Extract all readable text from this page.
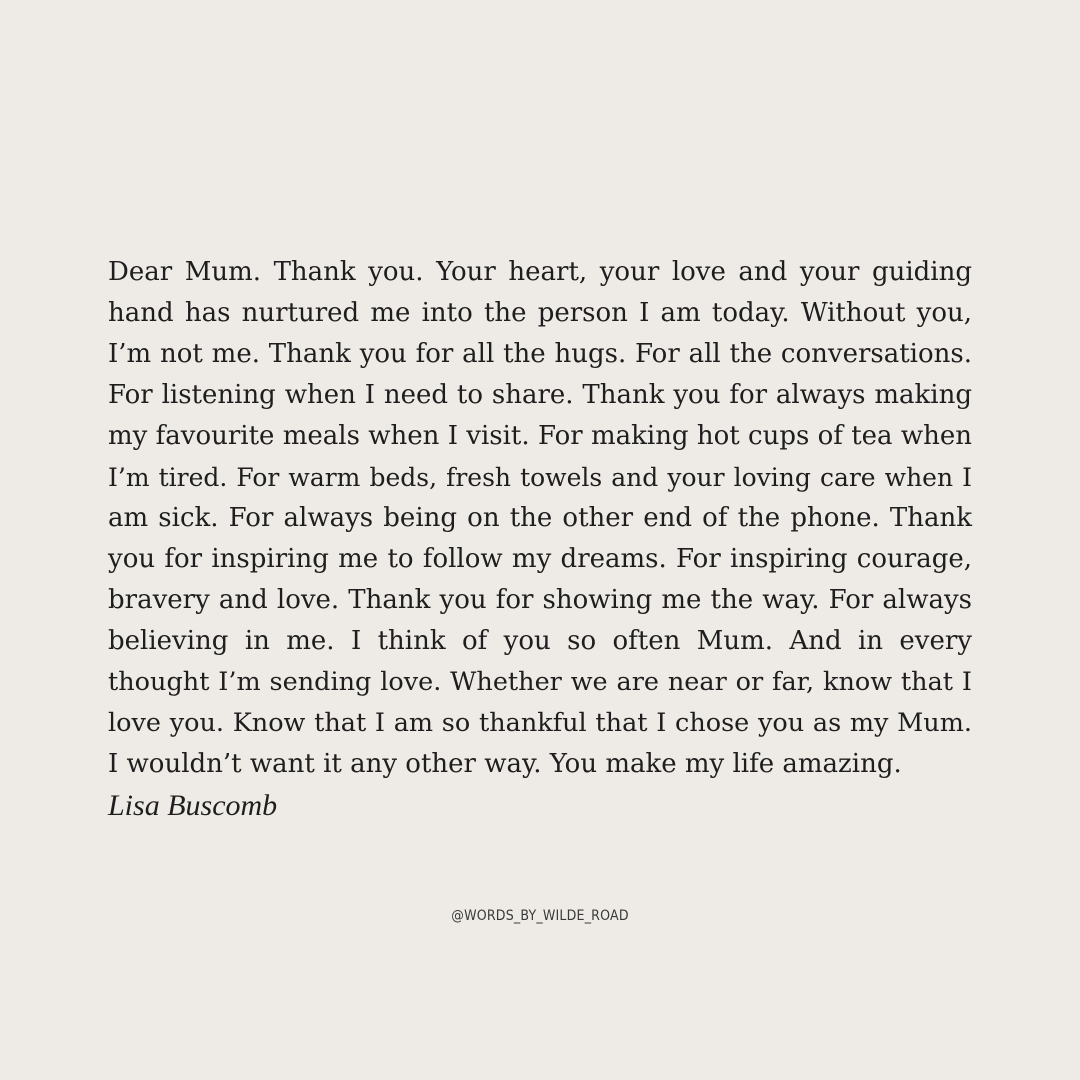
Dear Mum. Thank you. Your heart, your love and your guiding
hand has nurtured me into the person I am today. Without you,
I’m not me. Thank you for all the hugs. For all the conversations.
For listening when I need to share. Thank you for always making
my favourite meals when I visit. For making hot cups of tea when
I’m tired. For warm beds, fresh towels and your loving care when I
am sick. For always being on the other end of the phone. Thank
you for inspiring me to follow my dreams. For inspiring courage,
bravery and love. Thank you for showing me the way. For always
believing in me. I think of you so often Mum. And in every
thought I’m sending love. Whether we are near or far, know that I
love you. Know that I am so thankful that I chose you as my Mum.
I wouldn’t want it any other way. You make my life amazing.
Lisa Buscomb
@WORDS_BY_WILDE_ROAD
